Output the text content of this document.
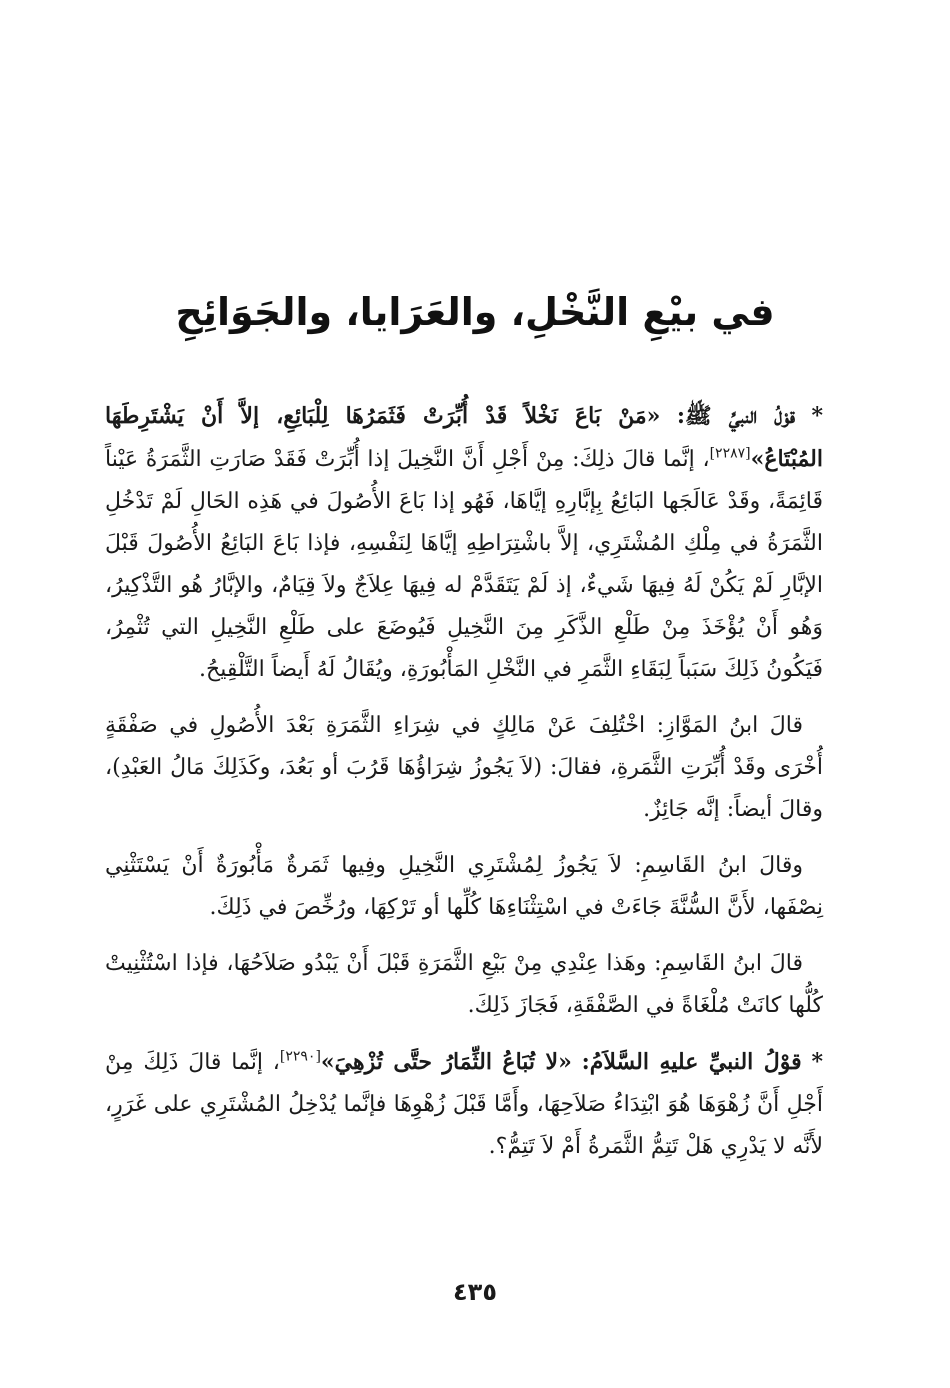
في بيْعِ النَّخْلِ، والعَرَايا، والجَوَائِحِ

* قوْلُ النبيِّ ﷺ: «مَنْ بَاعَ نَخْلاً قَدْ أُبِّرَتْ فَثَمَرُهَا لِلْبَائِعِ، إلاَّ أَنْ يَشْتَرِطَهَا المُبْتَاعُ»[٢٢٨٧]، إنَّما قالَ ذلِكَ: مِنْ أَجْلِ أَنَّ النَّخِيلَ إذا أُبِّرَتْ فَقَدْ صَارَتِ الثَّمَرَةُ عَيْناً قَائِمَةً، وقَدْ عَالَجَها البَائِعُ بِإبَّارِهِ إيَّاهَا، فَهُو إذا بَاعَ الأُصُولَ في هَذِه الحَالِ لَمْ تَدْخُلِ الثَّمَرَةُ في مِلْكِ المُشْتَرِي، إلاَّ باشْتِرَاطِهِ إيَّاهَا لِنَفْسِهِ، فإذا بَاعَ البَائِعُ الأُصُولَ قَبْلَ الإبَّارِ لَمْ يَكُنْ لَهُ فِيهَا شَيءٌ، إذ لَمْ يَتَقَدَّمْ له فِيهَا عِلاَجٌ ولاَ قِيَامٌ، والإبَّارُ هُو التَّذْكِيرُ، وَهُو أَنْ يُؤْخَذَ مِنْ طَلْعِ الذَّكَرِ مِنَ النَّخِيلِ فَيُوضَعَ على طَلْعِ النَّخِيلِ التي تُثْمِرُ، فَيَكُونُ ذَلِكَ سَبَباً لِبَقَاءِ الثَّمَرِ في النَّخْلِ المَأْبُورَةِ، ويُقَالُ لَهُ أَيضاً التَّلْقِيحُ.

قالَ ابنُ المَوَّازِ: اخْتُلِفَ عَنْ مَالِكٍ في شِرَاءِ الثَّمَرَةِ بَعْدَ الأُصُولِ في صَفْقَةٍ أُخْرَى وقَدْ أُبِّرَتِ الثَّمَرةِ، فقالَ: (لاَ يَجُوزُ شِرَاؤُهَا قَرُبَ أو بَعُدَ، وكَذَلِكَ مَالُ العَبْدِ)، وقالَ أيضاً: إنَّه جَائِزٌ.

وقالَ ابنُ القَاسِمِ: لاَ يَجُوزُ لِمُشْتَرِي النَّخِيلِ وفِيها ثَمَرةٌ مَأْبُورَةٌ أَنْ يَسْتَثْنِي نِصْفَها، لأَنَّ السُّنَّةَ جَاءَتْ في اسْتِثْنَاءِهَا كُلِّها أو تَرْكِهَا، ورُخِّصَ في ذَلِكَ.

قالَ ابنُ القَاسِمِ: وهَذا عِنْدِي مِنْ بَيْعِ الثَّمَرَةِ قَبْلَ أَنْ يَبْدُو صَلاَحُهَا، فإذا اسْتُثْنِيتْ كُلُّها كانَتْ مُلْغَاةً في الصَّفْقَةِ، فَجَازَ ذَلِكَ.

* قوْلُ النبيِّ عليهِ السَّلاَمُ: «لا تُبَاعُ الثِّمَارُ حتَّى تُزْهِيَ»[٢٢٩٠]، إنَّما قالَ ذَلِكَ مِنْ أَجْلِ أَنَّ زُهْوَهَا هُوَ ابْتِدَاءُ صَلاَحِهَا، وأَمَّا قَبْلَ زُهْوِهَا فإنَّما يُدْخِلُ المُشْتَرِي على غَرَرٍ، لأَنَّه لا يَدْرِي هَلْ تَتِمُّ الثَّمَرةُ أَمْ لاَ تَتِمُّ؟.

٤٣٥
